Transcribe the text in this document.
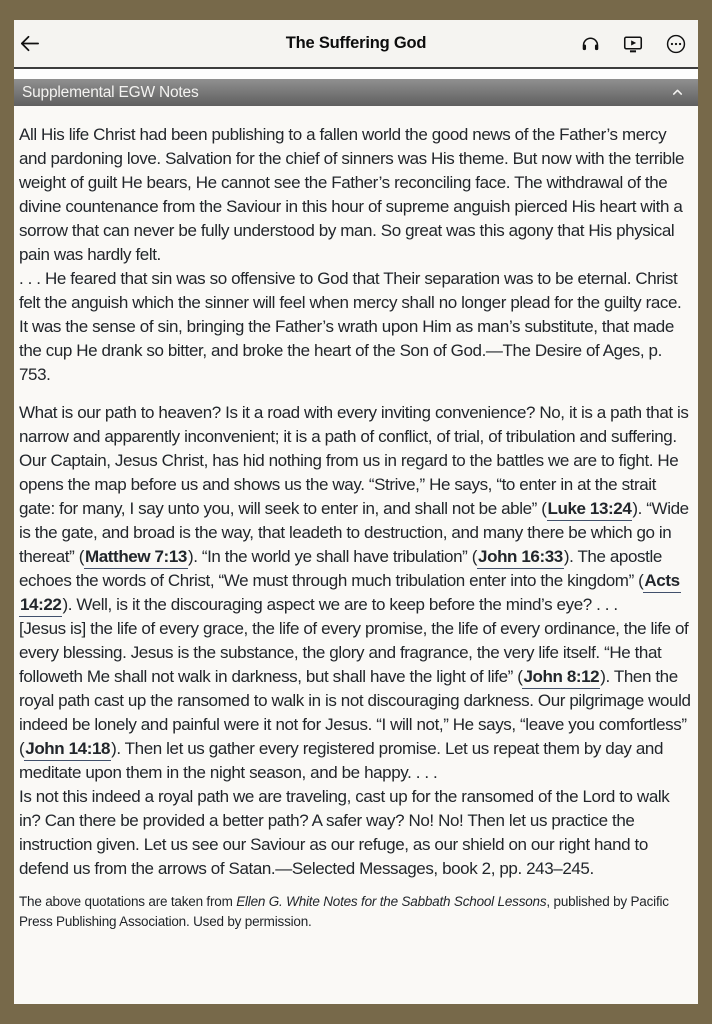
The Suffering God
Supplemental EGW Notes

All His life Christ had been publishing to a fallen world the good news of the Father’s mercy and pardoning love. Salvation for the chief of sinners was His theme. But now with the terrible weight of guilt He bears, He cannot see the Father’s reconciling face. The withdrawal of the divine countenance from the Saviour in this hour of supreme anguish pierced His heart with a sorrow that can never be fully understood by man. So great was this agony that His physical pain was hardly felt.

. . . He feared that sin was so offensive to God that Their separation was to be eternal. Christ felt the anguish which the sinner will feel when mercy shall no longer plead for the guilty race. It was the sense of sin, bringing the Father’s wrath upon Him as man’s substitute, that made the cup He drank so bitter, and broke the heart of the Son of God.—The Desire of Ages, p. 753.

What is our path to heaven? Is it a road with every inviting convenience? No, it is a path that is narrow and apparently inconvenient; it is a path of conflict, of trial, of tribulation and suffering. Our Captain, Jesus Christ, has hid nothing from us in regard to the battles we are to fight. He opens the map before us and shows us the way. “Strive,” He says, “to enter in at the strait gate: for many, I say unto you, will seek to enter in, and shall not be able” (Luke 13:24). “Wide is the gate, and broad is the way, that leadeth to destruction, and many there be which go in thereat” (Matthew 7:13). “In the world ye shall have tribulation” (John 16:33). The apostle echoes the words of Christ, “We must through much tribulation enter into the kingdom” (Acts 14:22). Well, is it the discouraging aspect we are to keep before the mind’s eye? . . .

[Jesus is] the life of every grace, the life of every promise, the life of every ordinance, the life of every blessing. Jesus is the substance, the glory and fragrance, the very life itself. “He that followeth Me shall not walk in darkness, but shall have the light of life” (John 8:12). Then the royal path cast up the ransomed to walk in is not discouraging darkness. Our pilgrimage would indeed be lonely and painful were it not for Jesus. “I will not,” He says, “leave you comfortless” (John 14:18). Then let us gather every registered promise. Let us repeat them by day and meditate upon them in the night season, and be happy. . . .

Is not this indeed a royal path we are traveling, cast up for the ransomed of the Lord to walk in? Can there be provided a better path? A safer way? No! No! Then let us practice the instruction given. Let us see our Saviour as our refuge, as our shield on our right hand to defend us from the arrows of Satan.—Selected Messages, book 2, pp. 243–245.

The above quotations are taken from Ellen G. White Notes for the Sabbath School Lessons, published by Pacific Press Publishing Association. Used by permission.
